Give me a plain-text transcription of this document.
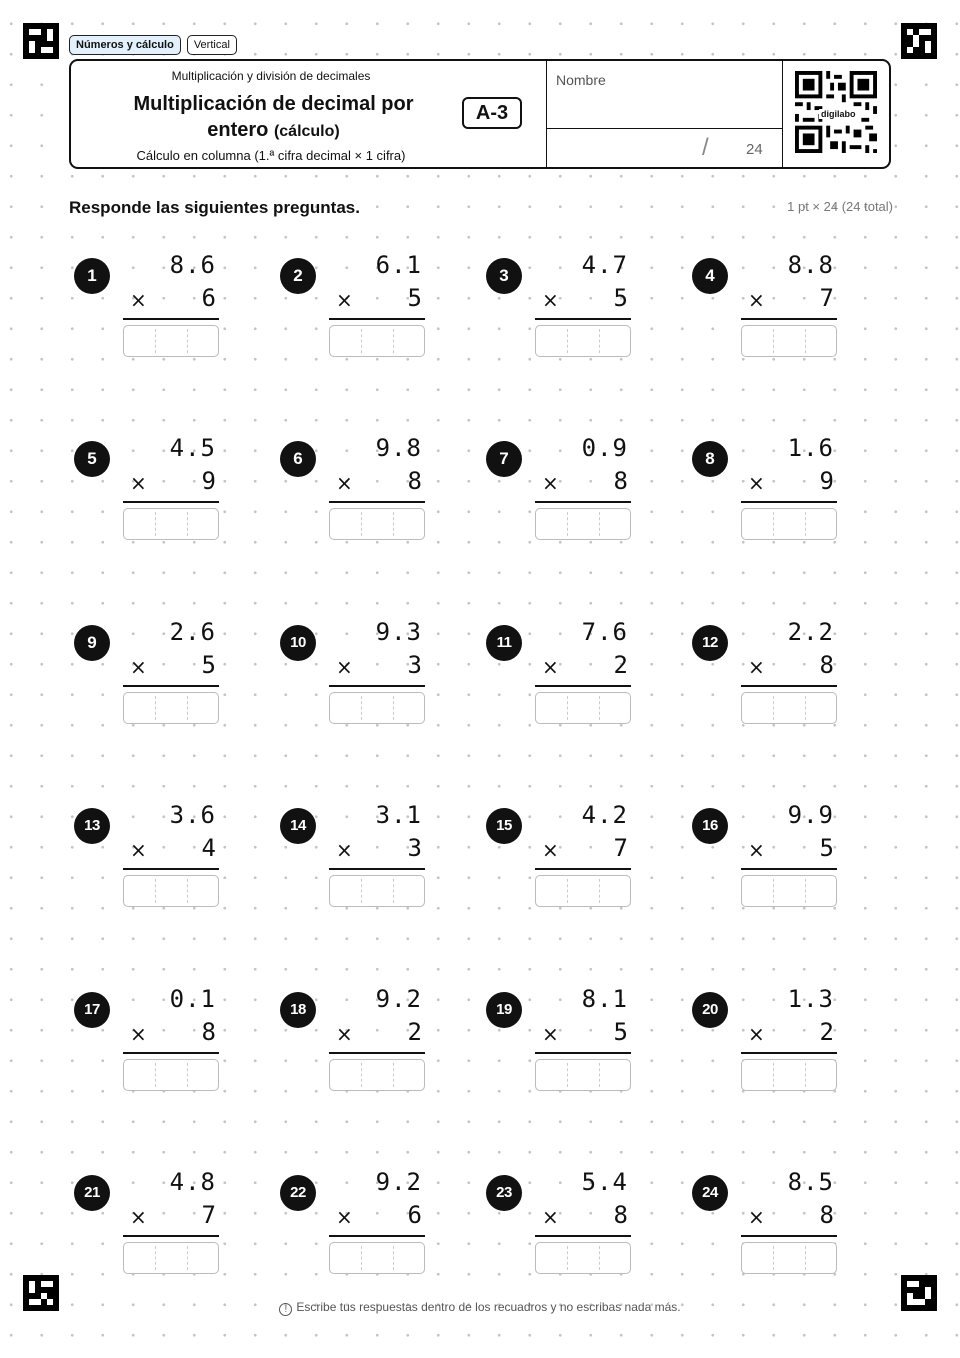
Números y cálculo	Vertical
Multiplicación y división de decimales
Multiplicación de decimal por entero (cálculo)
Cálculo en columna (1.ª cifra decimal × 1 cifra)
A-3
Nombre
/ 24
digilabo
Responde las siguientes preguntas.	1 pt × 24 (24 total)
1	8.6
× 6
2	6.1
× 5
3	4.7
× 5
4	8.8
× 7
5	4.5
× 9
6	9.8
× 8
7	0.9
× 8
8	1.6
× 9
9	2.6
× 5
10	9.3
× 3
11	7.6
× 2
12	2.2
× 8
13	3.6
× 4
14	3.1
× 3
15	4.2
× 7
16	9.9
× 5
17	0.1
× 8
18	9.2
× 2
19	8.1
× 5
20	1.3
× 2
21	4.8
× 7
22	9.2
× 6
23	5.4
× 8
24	8.5
× 8
! Escribe tus respuestas dentro de los recuadros y no escribas nada más.
